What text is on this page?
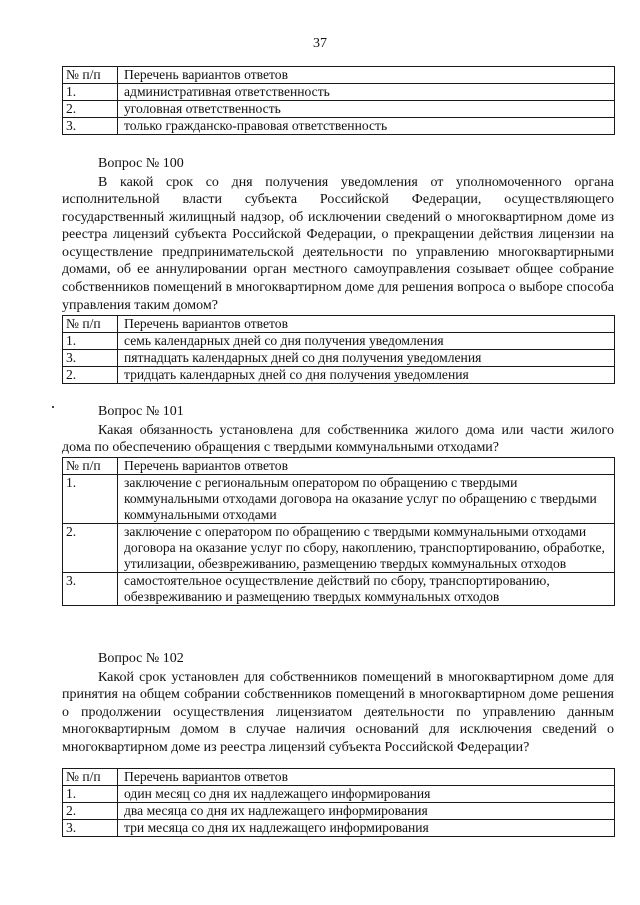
37
№ п/п	Перечень вариантов ответов
1.	административная ответственность
2.	уголовная ответственность
3.	только гражданско-правовая ответственность
Вопрос № 100

В какой срок со дня получения уведомления от уполномоченного органа исполнительной власти субъекта Российской Федерации, осуществляющего государственный жилищный надзор, об исключении сведений о многоквартирном доме из реестра лицензий субъекта Российской Федерации, о прекращении действия лицензии на осуществление предпринимательской деятельности по управлению многоквартирными домами, об ее аннулировании орган местного самоуправления созывает общее собрание собственников помещений в многоквартирном доме для решения вопроса о выборе способа управления таким домом?

№ п/п	Перечень вариантов ответов
1.	семь календарных дней со дня получения уведомления
3.	пятнадцать календарных дней со дня получения уведомления
2.	тридцать календарных дней со дня получения уведомления
Вопрос № 101

Какая обязанность установлена для собственника жилого дома или части жилого дома по обеспечению обращения с твердыми коммунальными отходами?

№ п/п	Перечень вариантов ответов
1.	заключение с региональным оператором по обращению с твердыми коммунальными отходами договора на оказание услуг по обращению с твердыми коммунальными отходами
2.	заключение с оператором по обращению с твердыми коммунальными отходами договора на оказание услуг по сбору, накоплению, транспортированию, обработке, утилизации, обезвреживанию, размещению твердых коммунальных отходов
3.	самостоятельное осуществление действий по сбору, транспортированию, обезвреживанию и размещению твердых коммунальных отходов
Вопрос № 102

Какой срок установлен для собственников помещений в многоквартирном доме для принятия на общем собрании собственников помещений в многоквартирном доме решения о продолжении осуществления лицензиатом деятельности по управлению данным многоквартирным домом в случае наличия оснований для исключения сведений о многоквартирном доме из реестра лицензий субъекта Российской Федерации?

№ п/п	Перечень вариантов ответов
1.	один месяц со дня их надлежащего информирования
2.	два месяца со дня их надлежащего информирования
3.	три месяца со дня их надлежащего информирования
